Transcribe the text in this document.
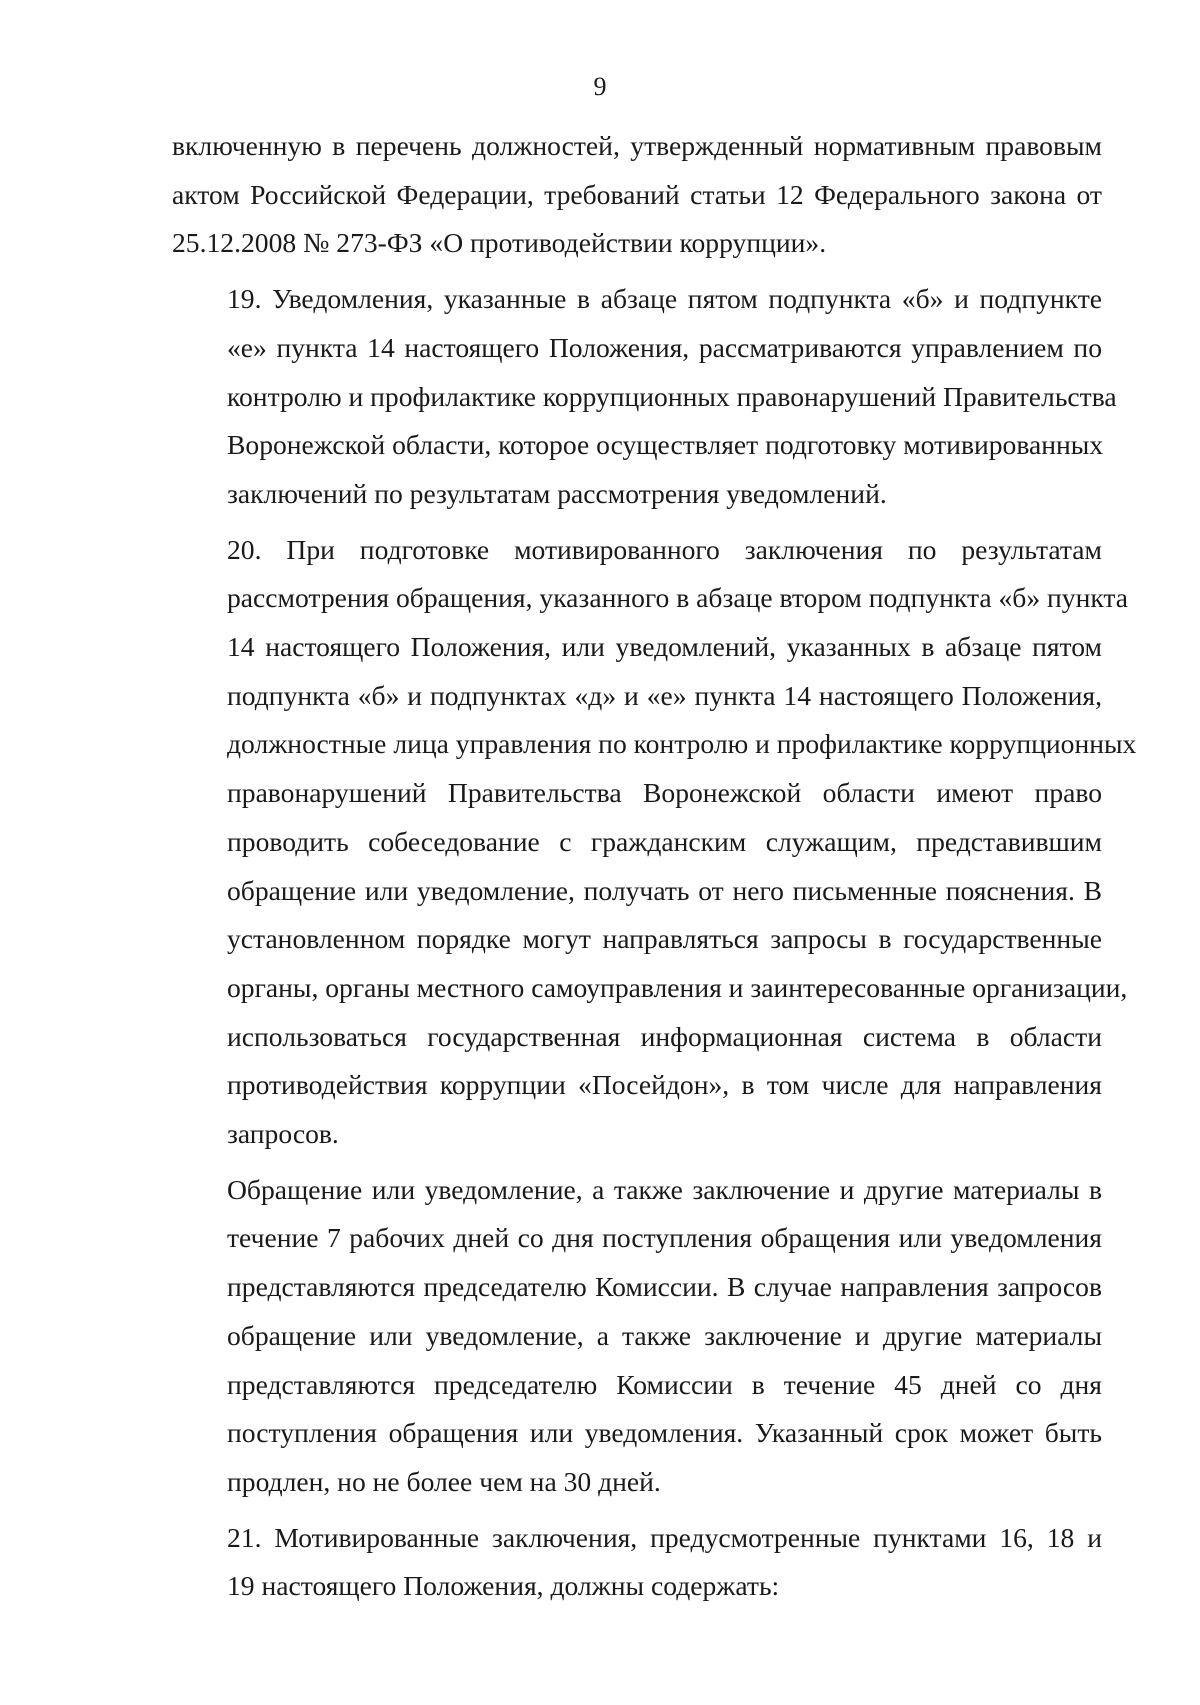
9

включенную в перечень должностей, утвержденный нормативным правовым
актом Российской Федерации, требований статьи 12 Федерального закона от
25.12.2008 № 273-ФЗ «О противодействии коррупции».

19. Уведомления, указанные в абзаце пятом подпункта «б» и подпункте
«е» пункта 14 настоящего Положения, рассматриваются управлением по
контролю и профилактике коррупционных правонарушений Правительства
Воронежской области, которое осуществляет подготовку мотивированных
заключений по результатам рассмотрения уведомлений.

20. При подготовке мотивированного заключения по результатам
рассмотрения обращения, указанного в абзаце втором подпункта «б» пункта
14 настоящего Положения, или уведомлений, указанных в абзаце пятом
подпункта «б» и подпунктах «д» и «е» пункта 14 настоящего Положения,
должностные лица управления по контролю и профилактике коррупционных
правонарушений Правительства Воронежской области имеют право
проводить собеседование с гражданским служащим, представившим
обращение или уведомление, получать от него письменные пояснения. В
установленном порядке могут направляться запросы в государственные
органы, органы местного самоуправления и заинтересованные организации,
использоваться государственная информационная система в области
противодействия коррупции «Посейдон», в том числе для направления
запросов.

Обращение или уведомление, а также заключение и другие материалы в
течение 7 рабочих дней со дня поступления обращения или уведомления
представляются председателю Комиссии. В случае направления запросов
обращение или уведомление, а также заключение и другие материалы
представляются председателю Комиссии в течение 45 дней со дня
поступления обращения или уведомления. Указанный срок может быть
продлен, но не более чем на 30 дней.

21. Мотивированные заключения, предусмотренные пунктами 16, 18 и
19 настоящего Положения, должны содержать:
